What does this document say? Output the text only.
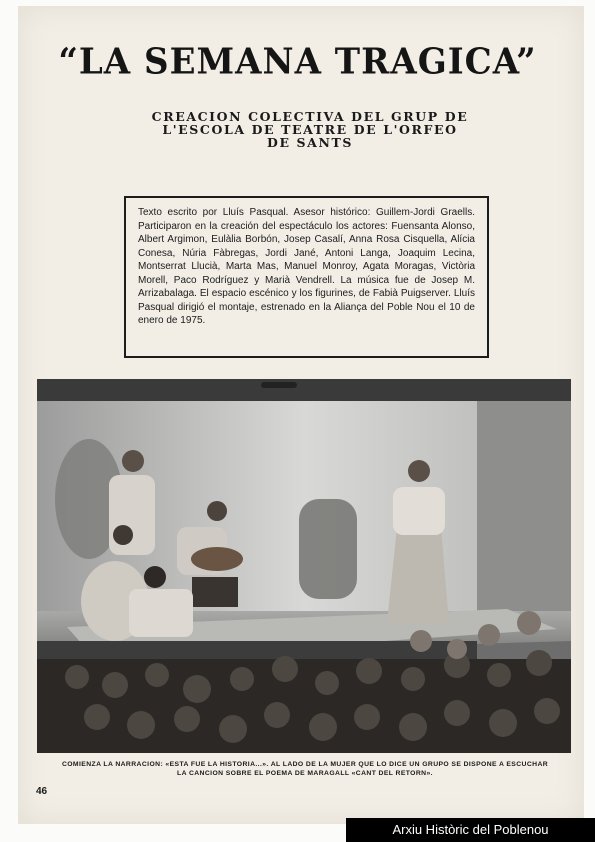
“LA SEMANA TRAGICA”
CREACION COLECTIVA DEL GRUP DE
L'ESCOLA DE TEATRE DE L'ORFEO
DE SANTS

Texto escrito por Lluís Pasqual. Asesor histórico: Guillem-Jordi Graells. Participaron en la creación del espectáculo los actores: Fuensanta Alonso, Albert Argimon, Eulàlia Borbón, Josep Casalí, Anna Rosa Cisquella, Alícia Conesa, Núria Fàbregas, Jordi Jané, Antoni Langa, Joaquim Lecina, Montserrat Llucià, Marta Mas, Manuel Monroy, Agata Moragas, Victòria Morell, Paco Rodríguez y Marià Vendrell. La música fue de Josep M. Arrizabalaga. El espacio escénico y los figurines, de Fabià Puigserver. Lluís Pasqual dirigió el montaje, estrenado en la Aliança del Poble Nou el 10 de enero de 1975.

COMIENZA LA NARRACION: «ESTA FUE LA HISTORIA...». AL LADO DE LA MUJER QUE LO DICE UN GRUPO SE DISPONE A ESCUCHAR
LA CANCION SOBRE EL POEMA DE MARAGALL «CANT DEL RETORN».
46
Arxiu Històric del Poblenou
